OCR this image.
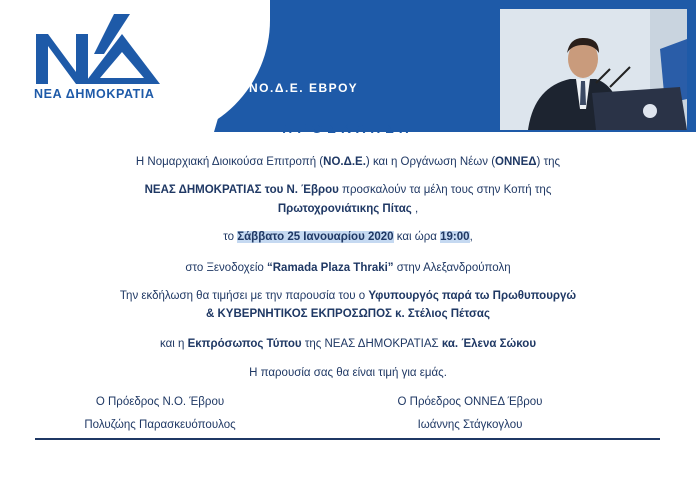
ΝΕΑ ΔΗΜΟΚΡΑΤΙΑ	ΝΟ.Δ.Ε. ΕΒΡΟΥ
ΠΡΟΣΚΛΗΣΗ
Η Νομαρχιακή Διοικούσα Επιτροπή (ΝΟ.Δ.Ε.) και η Οργάνωση Νέων (ΟΝΝΕΔ) της
ΝΕΑΣ ΔΗΜΟΚΡΑΤΙΑΣ του Ν. Έβρου προσκαλούν τα μέλη τους στην Κοπή της
Πρωτοχρονιάτικης Πίτας ,
το Σάββατο 25 Ιανουαρίου 2020 και ώρα 19:00,
στο Ξενοδοχείο “Ramada Plaza Thraki” στην Αλεξανδρούπολη
Την εκδήλωση θα τιμήσει με την παρουσία του ο Υφυπουργός παρά τω Πρωθυπουργώ
& ΚΥΒΕΡΝΗΤΙΚΟΣ ΕΚΠΡΟΣΩΠΟΣ κ. Στέλιος Πέτσας
και η Εκπρόσωπος Τύπου της ΝΕΑΣ ΔΗΜΟΚΡΑΤΙΑΣ κα. Έλενα Σώκου
Η παρουσία σας θα είναι τιμή για εμάς.
Ο Πρόεδρος Ν.Ο. Έβρου
Πολυζώης Παρασκευόπουλος
Ο Πρόεδρος ΟΝΝΕΔ Έβρου
Ιωάννης Στάγκογλου
